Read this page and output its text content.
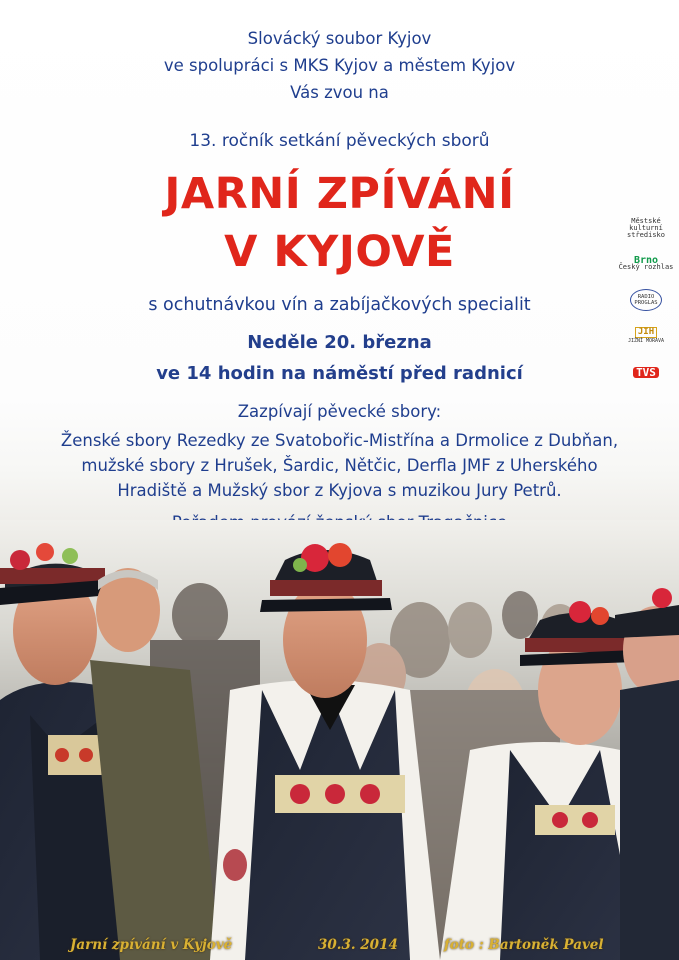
Slovácký soubor Kyjov
ve spolupráci s MKS Kyjov a městem Kyjov
Vás zvou na
13. ročník setkání pěveckých sborů
JARNÍ ZPÍVÁNÍ
V KYJOVĚ
s ochutnávkou vín a zabíjačkových specialit
Neděle 20. března
ve 14 hodin na náměstí před radnicí
Zazpívají pěvecké sbory:
Ženské sbory Rezedky ze Svatobořic-Mistřína a Drmolice z Dubňan,
mužské sbory z Hrušek, Šardic, Nětčic, Derfla JMF z Uherského
Hradiště a Mužský sbor z Kyjova s muzikou Jury Petrů.
Městské kulturní středisko
Brno
Český rozhlas
RADIO PROGLAS
JIH
JIŽNÍ MORAVA
TVS
Jarní zpívání v Kyjově	30.3. 2014	foto : Bartoněk Pavel
